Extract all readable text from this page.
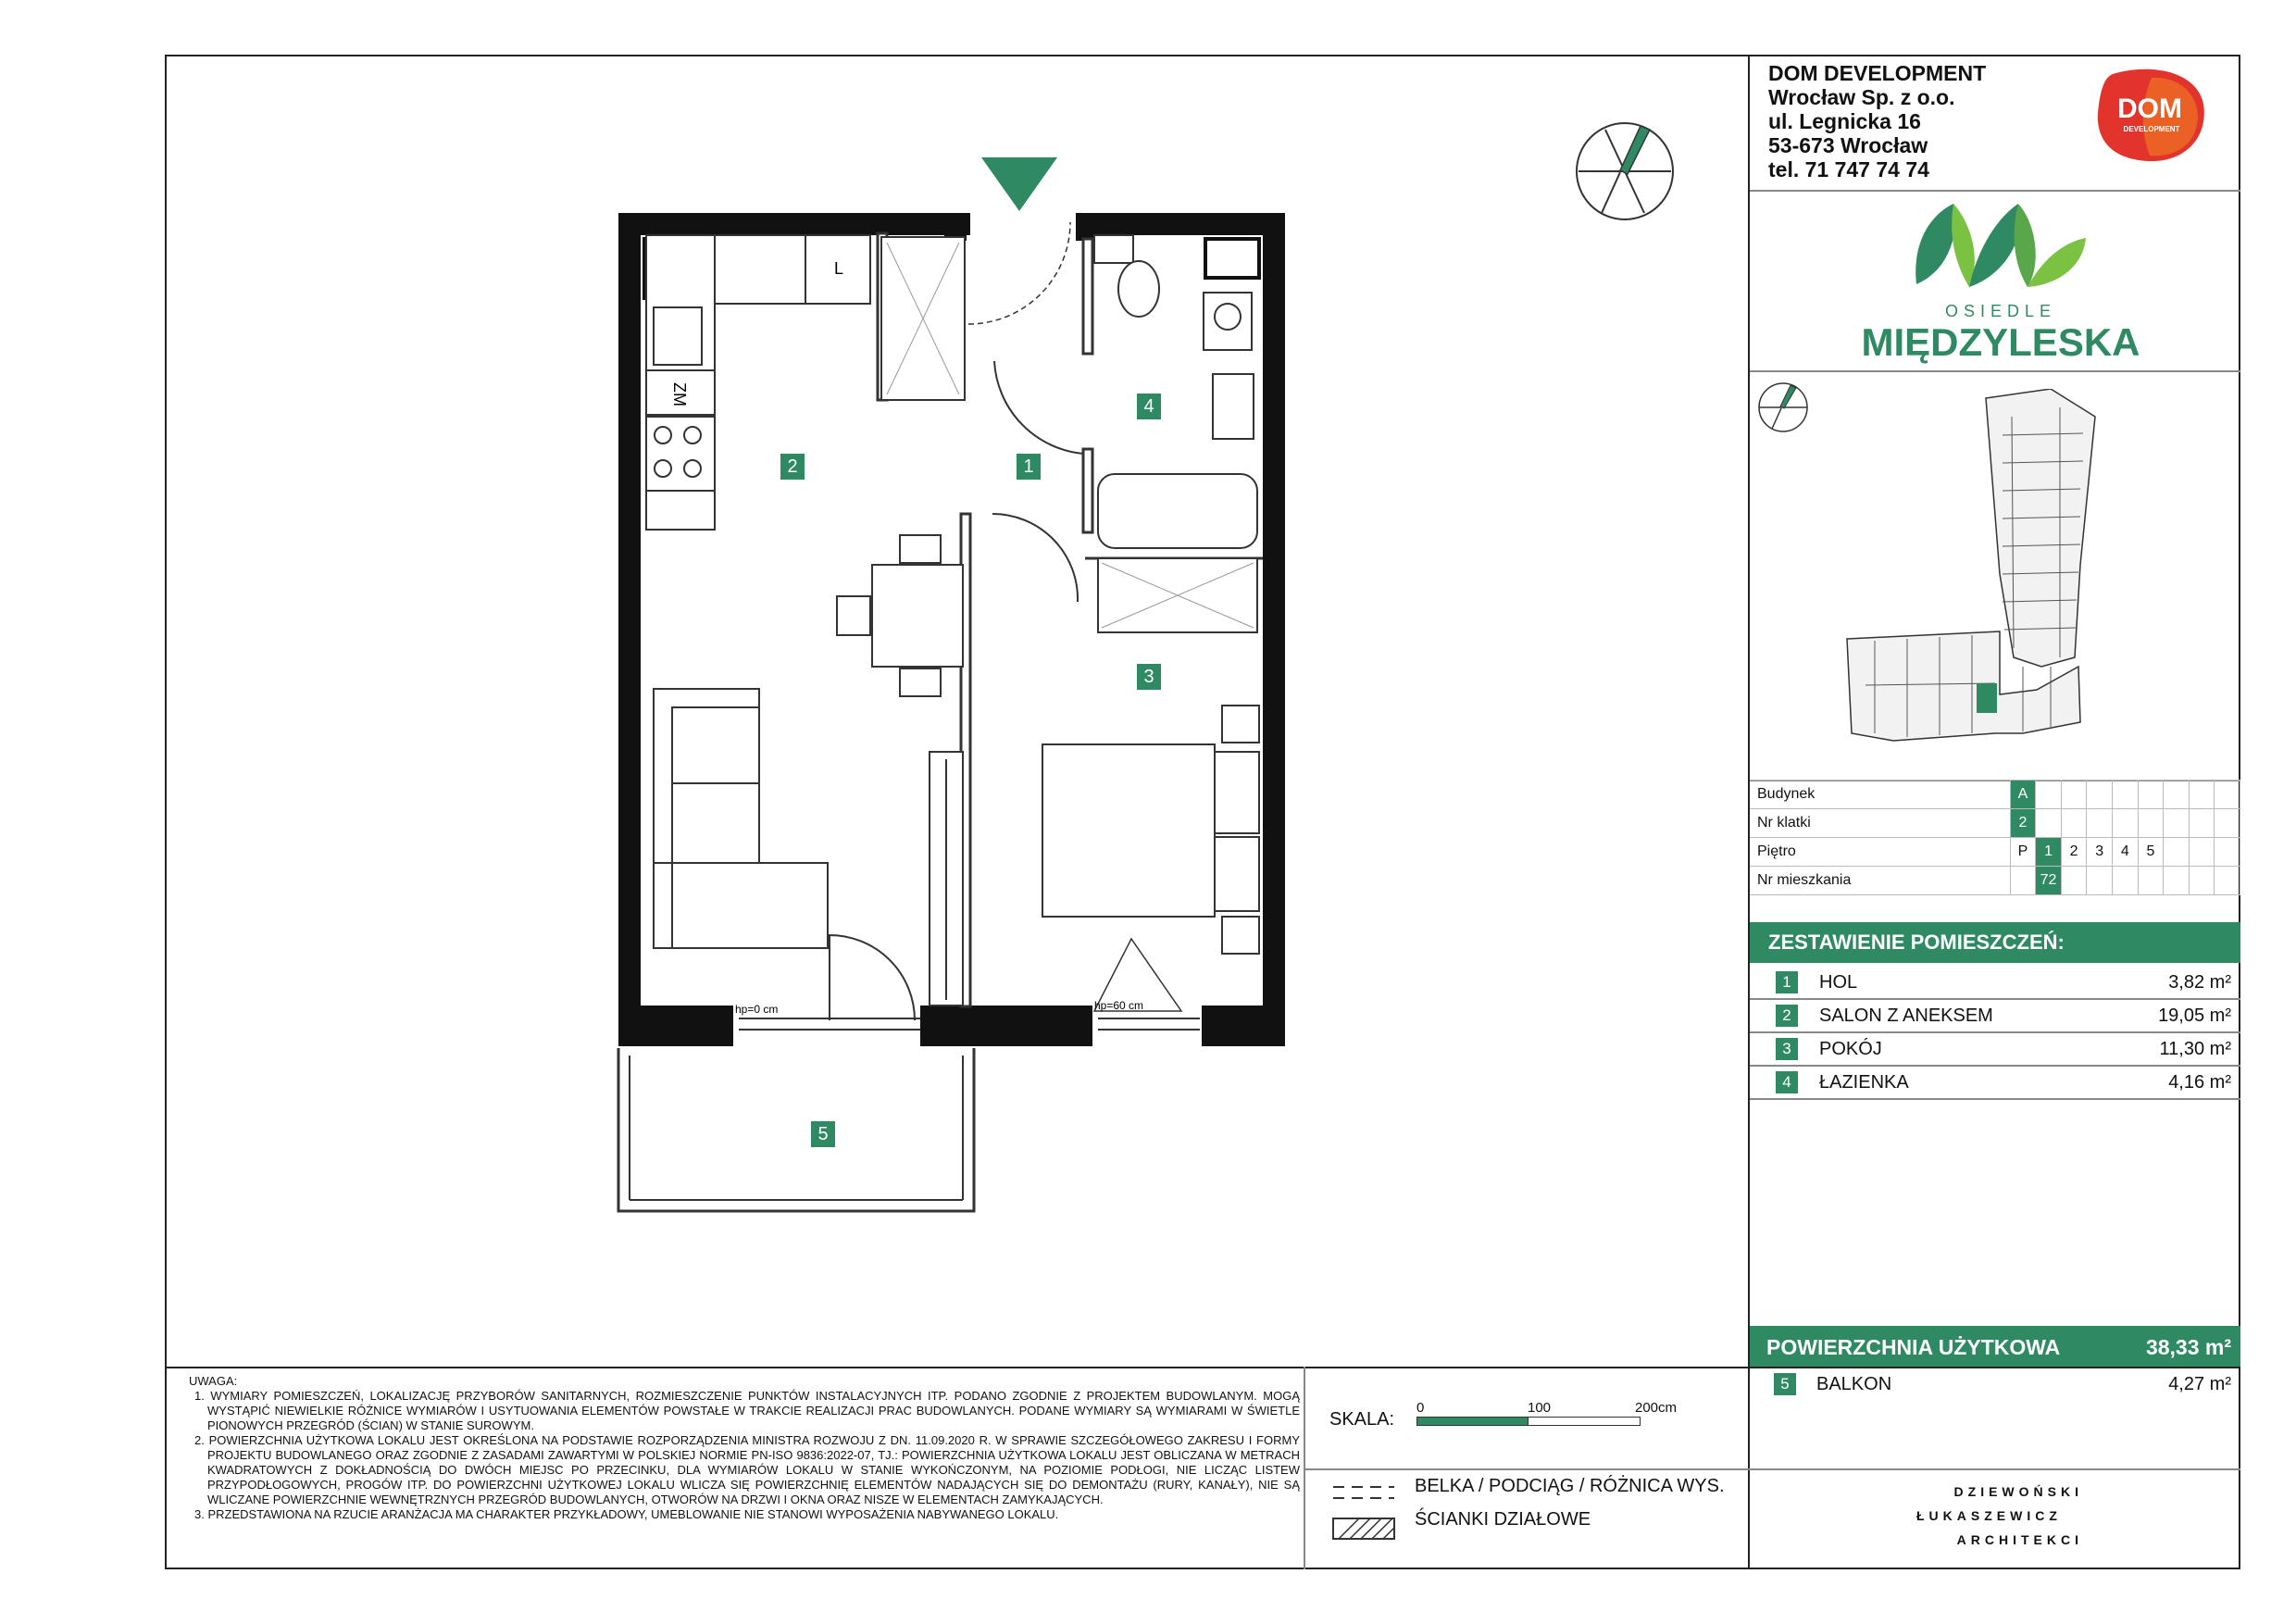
DOM DEVELOPMENT
Wrocław Sp. z o.o.
ul. Legnicka 16
53-673 Wrocław
tel. 71 747 74 74
DOM
DEVELOPMENT
OSIEDLE
MIĘDZYLESKA
Budynek	A								
Nr klatki	2								
Piętro	P	1	2	3	4	5			
Nr mieszkania		72							
ZESTAWIENIE POMIESZCZEŃ:
1	HOL	3,82 m²
2	SALON Z ANEKSEM	19,05 m²
3	POKÓJ	11,30 m²
4	ŁAZIENKA	4,16 m²
POWIERZCHNIA UŻYTKOWA	38,33 m²
5	BALKON	4,27 m²
UWAGA:
1. WYMIARY POMIESZCZEŃ, LOKALIZACJĘ PRZYBORÓW SANITARNYCH, ROZMIESZCZENIE PUNKTÓW INSTALACYJNYCH ITP. PODANO ZGODNIE Z PROJEKTEM BUDOWLANYM. MOGĄ WYSTĄPIĆ NIEWIELKIE RÓŻNICE WYMIARÓW I USYTUOWANIA ELEMENTÓW POWSTAŁE W TRAKCIE REALIZACJI PRAC BUDOWLANYCH. PODANE WYMIARY SĄ WYMIARAMI W ŚWIETLE PIONOWYCH PRZEGRÓD (ŚCIAN) W STANIE SUROWYM.
2. POWIERZCHNIA UŻYTKOWA LOKALU JEST OKREŚLONA NA PODSTAWIE ROZPORZĄDZENIA MINISTRA ROZWOJU Z DN. 11.09.2020 R. W SPRAWIE SZCZEGÓŁOWEGO ZAKRESU I FORMY PROJEKTU BUDOWLANEGO ORAZ ZGODNIE Z ZASADAMI ZAWARTYMI W POLSKIEJ NORMIE PN-ISO 9836:2022-07, TJ.: POWIERZCHNIA UŻYTKOWA LOKALU JEST OBLICZANA W METRACH KWADRATOWYCH Z DOKŁADNOŚCIĄ DO DWÓCH MIEJSC PO PRZECINKU, DLA WYMIARÓW LOKALU W STANIE WYKOŃCZONYM, NA POZIOMIE PODŁOGI, NIE LICZĄC LISTEW PRZYPODŁOGOWYCH, PROGÓW ITP. DO POWIERZCHNI UŻYTKOWEJ LOKALU WLICZA SIĘ POWIERZCHNIĘ ELEMENTÓW NADAJĄCYCH SIĘ DO DEMONTAŻU (RURY, KANAŁY), NIE SĄ WLICZANE POWIERZCHNIE WEWNĘTRZNYCH PRZEGRÓD BUDOWLANYCH, OTWORÓW NA DRZWI I OKNA ORAZ NISZE W ELEMENTACH ZAMYKAJĄCYCH.
3. PRZEDSTAWIONA NA RZUCIE ARANŻACJA MA CHARAKTER PRZYKŁADOWY, UMEBLOWANIE NIE STANOWI WYPOSAŻENIA NABYWANEGO LOKALU.
SKALA:
0	100	200cm
BELKA / PODCIĄG / RÓŻNICA WYS.
ŚCIANKI DZIAŁOWE
DZIEWOŃSKI
ŁUKASZEWICZ
ARCHITEKCI
L
ZM
hp=0 cm	hp=60 cm
1
2
3
4
5
